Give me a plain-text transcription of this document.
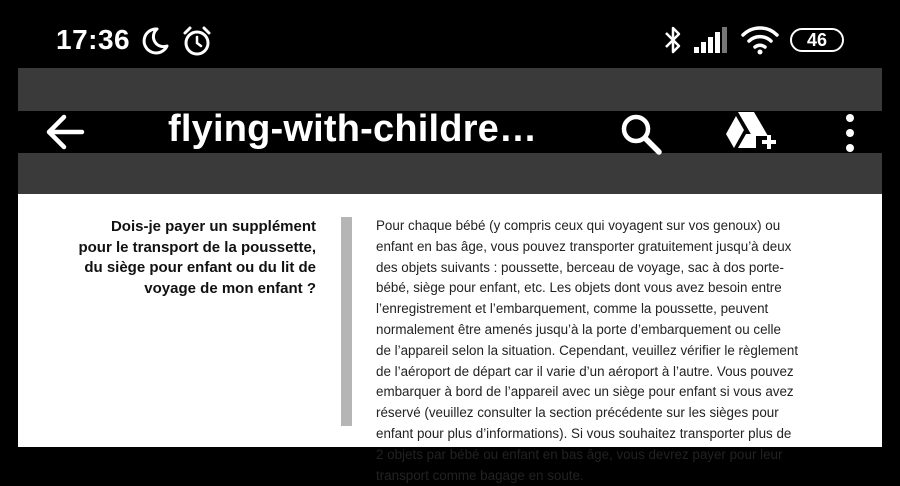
17:36	46
flying-with-childre…
Dois-je payer un supplément
pour le transport de la poussette,
du siège pour enfant ou du lit de
voyage de mon enfant ?
Pour chaque bébé (y compris ceux qui voyagent sur vos genoux) ou
enfant en bas âge, vous pouvez transporter gratuitement jusqu’à deux
des objets suivants : poussette, berceau de voyage, sac à dos porte-
bébé, siège pour enfant, etc. Les objets dont vous avez besoin entre
l’enregistrement et l’embarquement, comme la poussette, peuvent
normalement être amenés jusqu’à la porte d’embarquement ou celle
de l’appareil selon la situation. Cependant, veuillez vérifier le règlement
de l’aéroport de départ car il varie d’un aéroport à l’autre. Vous pouvez
embarquer à bord de l’appareil avec un siège pour enfant si vous avez
réservé (veuillez consulter la section précédente sur les sièges pour
enfant pour plus d’informations). Si vous souhaitez transporter plus de
2 objets par bébé ou enfant en bas âge, vous devrez payer pour leur
transport comme bagage en soute.
